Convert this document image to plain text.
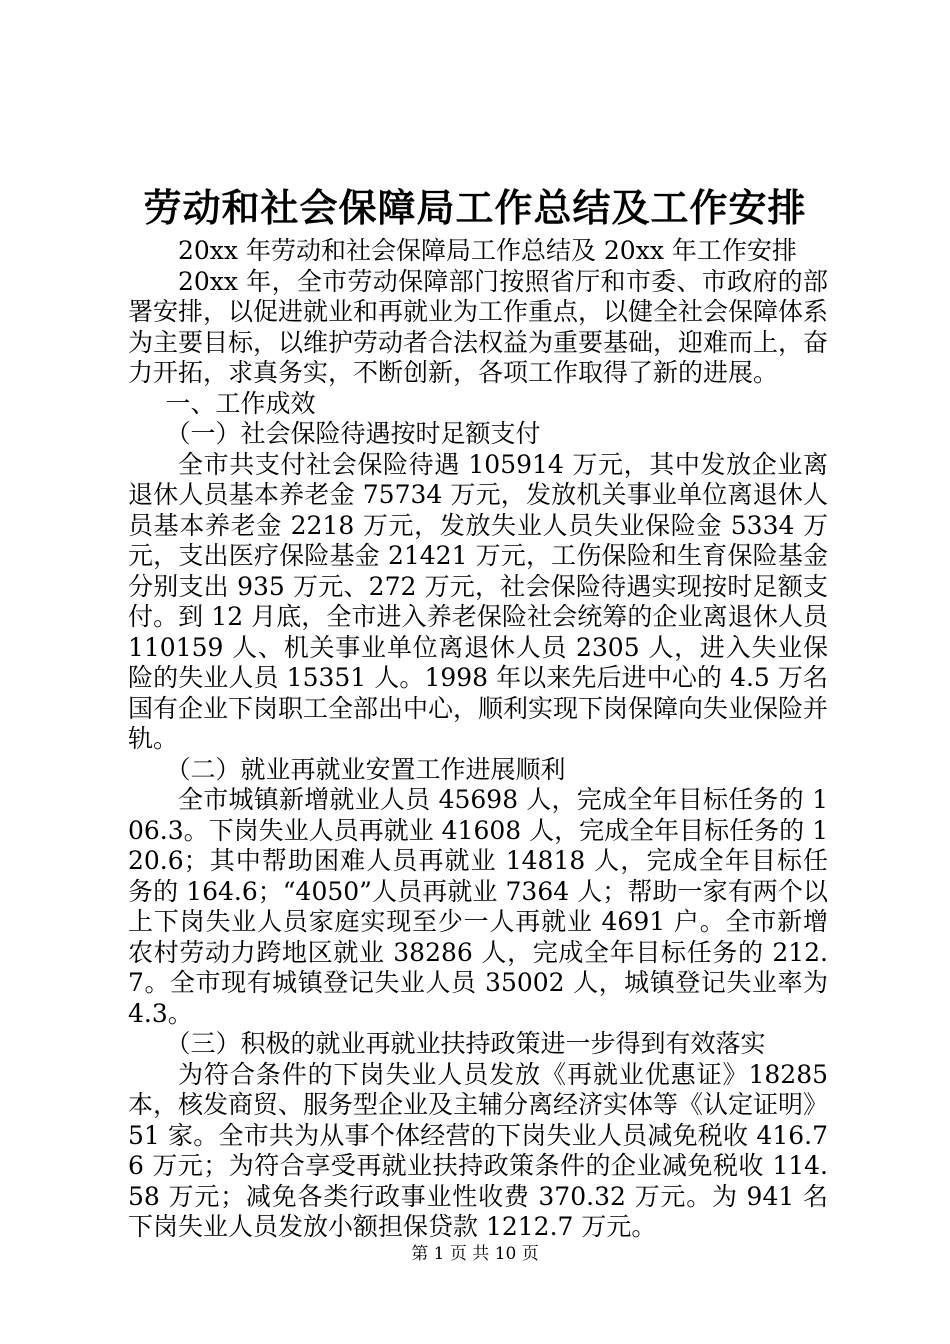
劳动和社会保障局工作总结及工作安排

20xx 年劳动和社会保障局工作总结及 20xx 年工作安排

20xx 年，全市劳动保障部门按照省厅和市委、市政府的部署安排，以促进就业和再就业为工作重点，以健全社会保障体系为主要目标，以维护劳动者合法权益为重要基础，迎难而上，奋力开拓，求真务实，不断创新，各项工作取得了新的进展。

一、工作成效

（一）社会保险待遇按时足额支付

全市共支付社会保险待遇 105914 万元，其中发放企业离退休人员基本养老金 75734 万元，发放机关事业单位离退休人员基本养老金 2218 万元，发放失业人员失业保险金 5334 万元，支出医疗保险基金 21421 万元，工伤保险和生育保险基金分别支出 935 万元、272 万元，社会保险待遇实现按时足额支付。到 12 月底，全市进入养老保险社会统筹的企业离退休人员 110159 人、机关事业单位离退休人员 2305 人，进入失业保险的失业人员 15351 人。1998 年以来先后进中心的 4.5 万名国有企业下岗职工全部出中心，顺利实现下岗保障向失业保险并轨。

（二）就业再就业安置工作进展顺利

全市城镇新增就业人员 45698 人，完成全年目标任务的 106.3。下岗失业人员再就业 41608 人，完成全年目标任务的 120.6；其中帮助困难人员再就业 14818 人，完成全年目标任务的 164.6；“4050”人员再就业 7364 人；帮助一家有两个以上下岗失业人员家庭实现至少一人再就业 4691 户。全市新增农村劳动力跨地区就业 38286 人，完成全年目标任务的 212.7。全市现有城镇登记失业人员 35002 人，城镇登记失业率为 4.3。

（三）积极的就业再就业扶持政策进一步得到有效落实

为符合条件的下岗失业人员发放《再就业优惠证》18285 本，核发商贸、服务型企业及主辅分离经济实体等《认定证明》51 家。全市共为从事个体经营的下岗失业人员减免税收 416.76 万元；为符合享受再就业扶持政策条件的企业减免税收 114.58 万元；减免各类行政事业性收费 370.32 万元。为 941 名下岗失业人员发放小额担保贷款 1212.7 万元。

第 1 页 共 10 页
